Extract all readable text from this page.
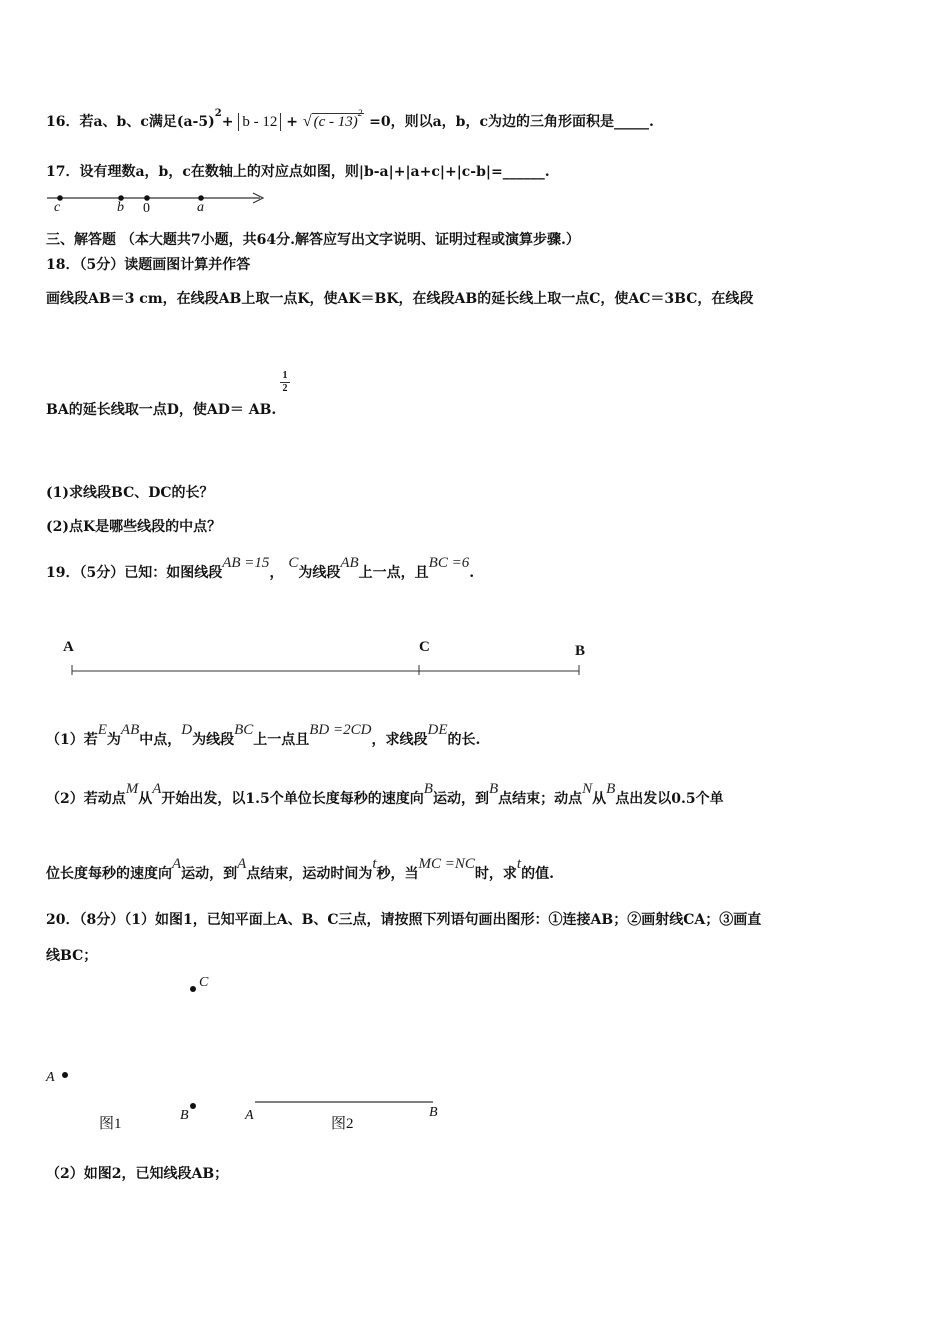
16．若a、b、c满足$(a-5)^2+ b - 12$ + √ (c - 13)$^2$ =0，则以a，b，c为边的三角形面积是_____.
17．设有理数a，b，c在数轴上的对应点如图，则|b-a|+|a+c|+|c-b|=______.
c	b 0	a
三、解答题 （本大题共7小题，共64分.解答应写出文字说明、证明过程或演算步骤.）
18．（5分）读题画图计算并作答
画线段AB＝3 cm，在线段AB上取一点K，使AK＝BK，在线段AB的延长线上取一点C，使AC＝3BC，在线段
$\frac{1}{2}$
BA的延长线取一点D，使AD＝ AB.
(1)求线段BC、DC的长？
(2)点K是哪些线段的中点？
19．（5分）已知：如图线段AB =15， C为线段AB上一点，且BC =6.
A	C	B
（1）若E为AB中点，D为线段BC上一点且BD =2CD，求线段DE的长.
（2）若动点M从A开始出发，以1.5个单位长度每秒的速度向B运动，到B点结束；动点N从B点出发以0.5个单
位长度每秒的速度向A运动，到A点结束，运动时间为t秒，当MC =NC时，求t的值.
20．（8分）（1）如图1，已知平面上A、B、C三点，请按照下列语句画出图形：①连接AB；②画射线CA；③画直
线BC；
C
A
B
图1
A	B
图2
（2）如图2，已知线段AB；
